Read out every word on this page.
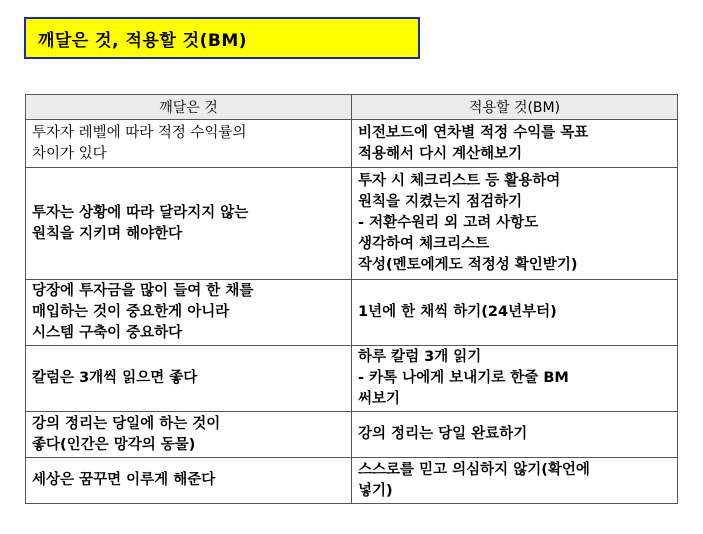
깨달은 것, 적용할 것(BM)
깨달은 것	적용할 것(BM)
투자자 레벨에 따라 적정 수익률의
차이가 있다	비전보드에 연차별 적정 수익를 목표
적용해서 다시 계산해보기
투자는 상황에 따라 달라지지 않는
원칙을 지키며 해야한다	투자 시 체크리스트 등 활용하여
원칙을 지켰는지 점검하기
- 저환수원리 외 고려 사항도
생각하여 체크리스트
작성(멘토에게도 적정성 확인받기)
당장에 투자금을 많이 들여 한 채를
매입하는 것이 중요한게 아니라
시스템 구축이 중요하다	1년에 한 채씩 하기(24년부터)
칼럼은 3개씩 읽으면 좋다	하루 칼럼 3개 읽기
- 카톡 나에게 보내기로 한줄 BM
써보기
강의 정리는 당일에 하는 것이
좋다(인간은 망각의 동물)	강의 정리는 당일 완료하기
세상은 꿈꾸면 이루게 해준다	스스로를 믿고 의심하지 않기(확언에
넣기)
